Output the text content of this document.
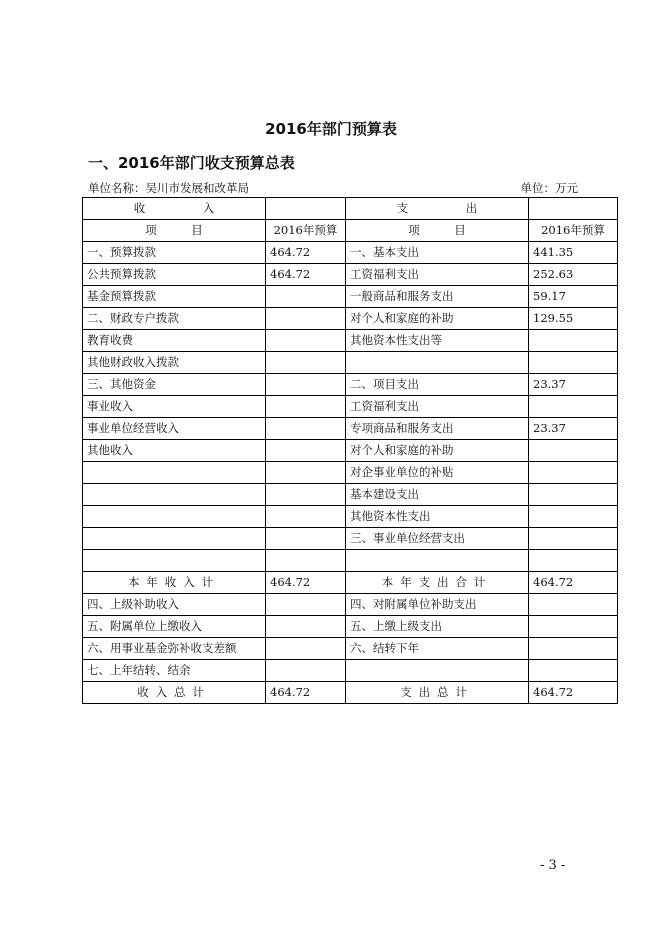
2016年部门预算表
一、2016年部门收支预算总表
单位名称：吴川市发展和改革局	单位：万元
收　　　　　入		支　　　　　出	
项　　　目	2016年预算	项　　　目	2016年预算
一、预算拨款	464.72	一、基本支出	441.35
公共预算拨款	464.72	工资福利支出	252.63
基金预算拨款		一般商品和服务支出	59.17
二、财政专户拨款		对个人和家庭的补助	129.55
教育收费		其他资本性支出等	
其他财政收入拨款			
三、其他资金		二、项目支出	23.37
事业收入		工资福利支出	
事业单位经营收入		专项商品和服务支出	23.37
其他收入		对个人和家庭的补助	
		对企事业单位的补贴	
		基本建设支出	
		其他资本性支出	
		三、事业单位经营支出	

本年收入计	464.72	本年支出合计	464.72
四、上级补助收入		四、对附属单位补助支出	
五、附属单位上缴收入		五、上缴上级支出	
六、用事业基金弥补收支差额		六、结转下年	
七、上年结转、结余			
收入总计	464.72	支出总计	464.72
- 3 -
